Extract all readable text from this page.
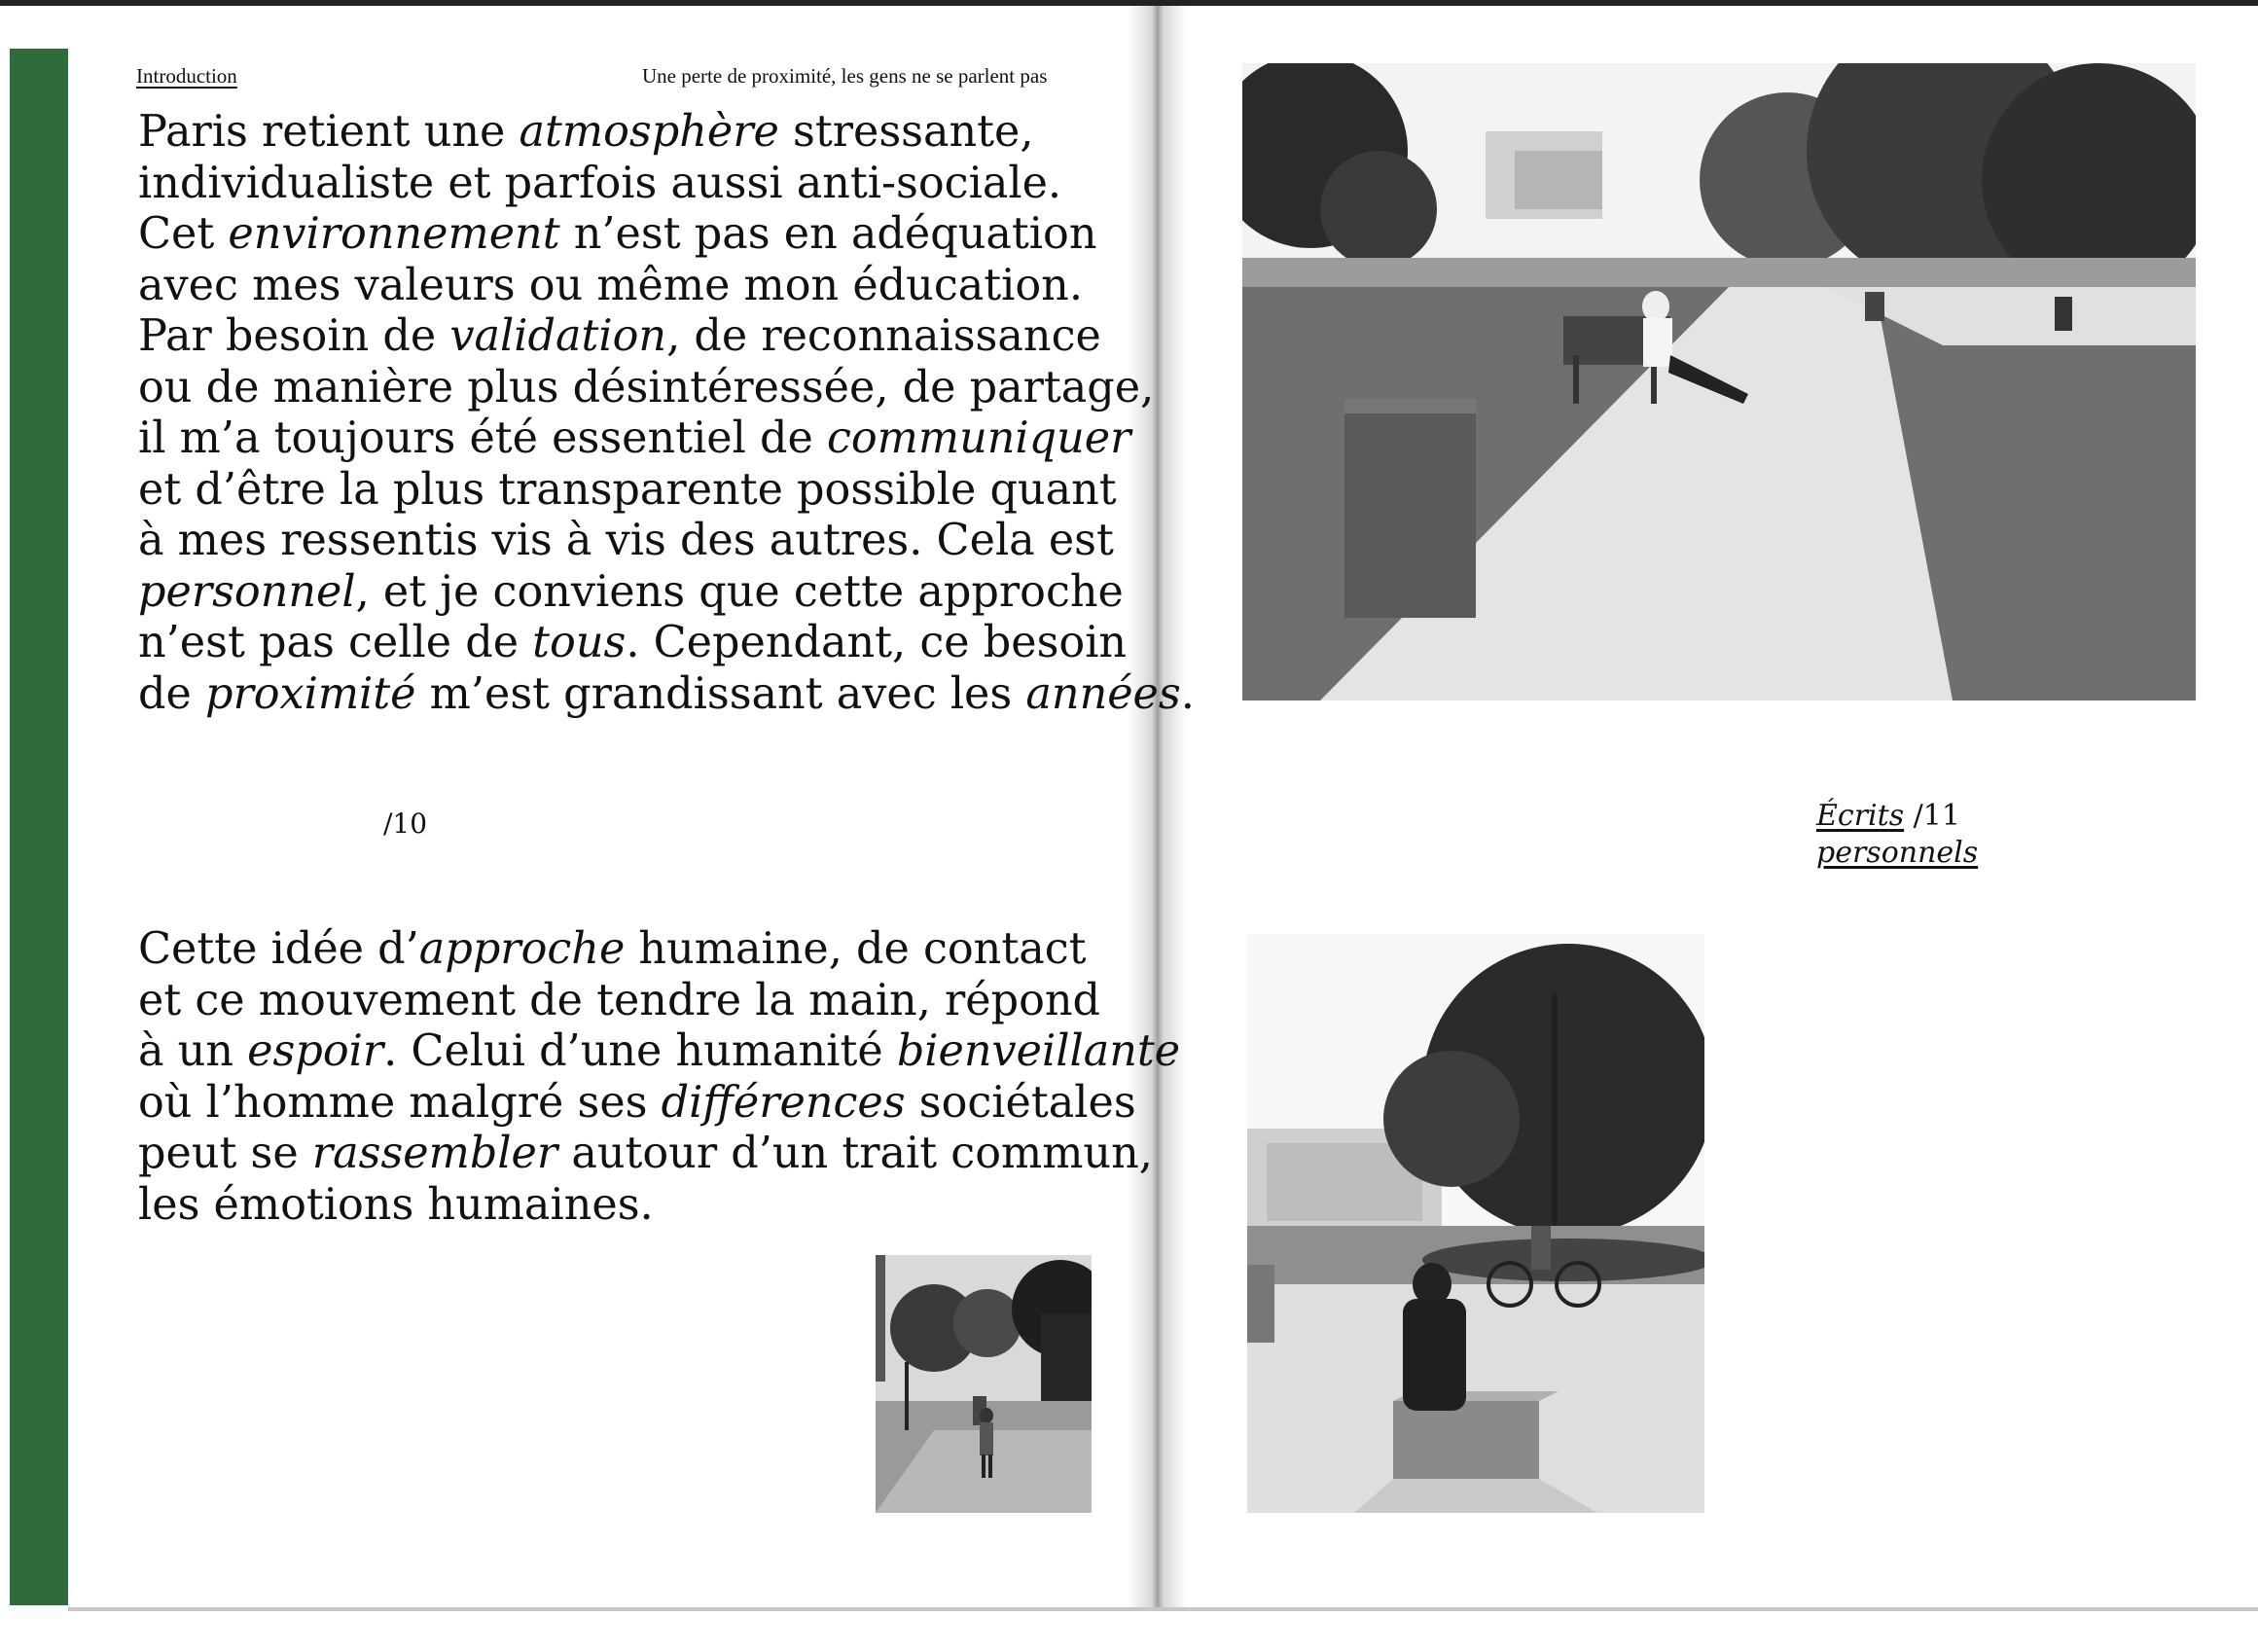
Introduction	Une perte de proximité, les gens ne se parlent pas
Paris retient une atmosphère stressante,
individualiste et parfois aussi anti-sociale.
Cet environnement n’est pas en adéquation
avec mes valeurs ou même mon éducation.
Par besoin de validation, de reconnaissance
ou de manière plus désintéressée, de partage,
il m’a toujours été essentiel de communiquer
et d’être la plus transparente possible quant
à mes ressentis vis à vis des autres. Cela est
personnel, et je conviens que cette approche
n’est pas celle de tous. Cependant, ce besoin
de proximité m’est grandissant avec les années.
/10
Cette idée d’approche humaine, de contact
et ce mouvement de tendre la main, répond
à un espoir. Celui d’une humanité bienveillante
où l’homme malgré ses différences sociétales
peut se rassembler autour d’un trait commun,
les émotions humaines.
Écrits /11
personnels
